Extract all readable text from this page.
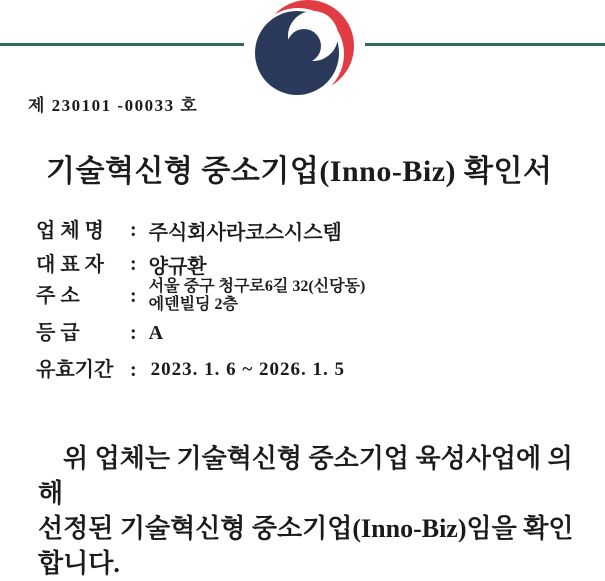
제 230101 -00033 호
기술혁신형 중소기업(Inno-Biz) 확인서
업 체 명	: 주식회사라코스시스템
대 표 자	: 양규환
주 소	: 서울 중구 청구로6길 32(신당동)
에덴빌딩 2층
등 급	: A
유효기간 : 2023. 1. 6 ~ 2026. 1. 5
위 업체는 기술혁신형 중소기업 육성사업에 의해
선정된 기술혁신형 중소기업(Inno-Biz)임을 확인
합니다.
